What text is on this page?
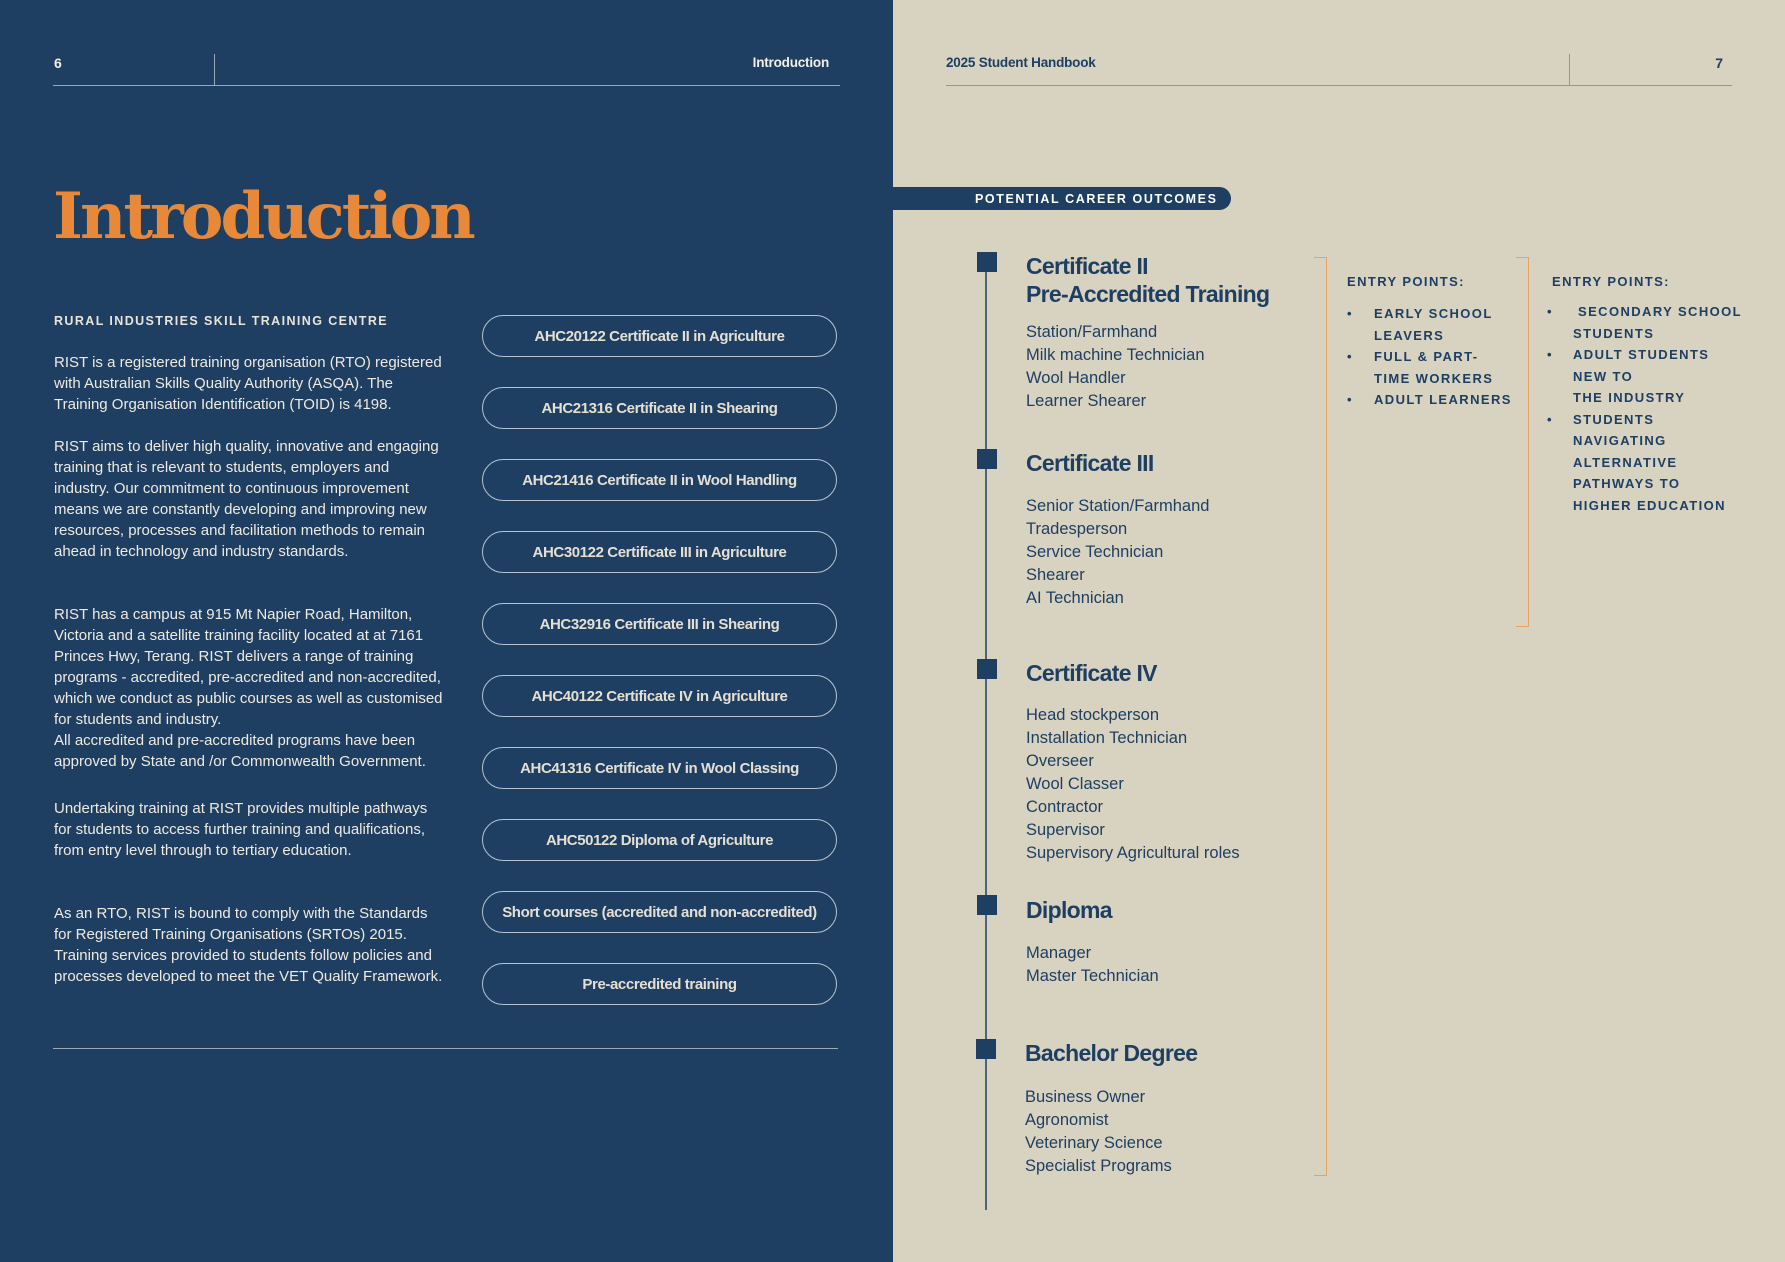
6	Introduction
Introduction
RURAL INDUSTRIES SKILL TRAINING CENTRE

RIST is a registered training organisation (RTO) registered with Australian Skills Quality Authority (ASQA). The Training Organisation Identification (TOID) is 4198.

RIST aims to deliver high quality, innovative and engaging training that is relevant to students, employers and industry. Our commitment to continuous improvement means we are constantly developing and improving new resources, processes and facilitation methods to remain ahead in technology and industry standards.

RIST has a campus at 915 Mt Napier Road, Hamilton, Victoria and a satellite training facility located at at 7161 Princes Hwy, Terang. RIST delivers a range of training programs - accredited, pre-accredited and non-accredited, which we conduct as public courses as well as customised for students and industry.

All accredited and pre-accredited programs have been approved by State and /or Commonwealth Government.

Undertaking training at RIST provides multiple pathways for students to access further training and qualifications, from entry level through to tertiary education.

As an RTO, RIST is bound to comply with the Standards for Registered Training Organisations (SRTOs) 2015. Training services provided to students follow policies and processes developed to meet the VET Quality Framework.

AHC20122 Certificate II in Agriculture
AHC21316 Certificate II in Shearing
AHC21416 Certificate II in Wool Handling
AHC30122 Certificate III in Agriculture
AHC32916 Certificate III in Shearing
AHC40122 Certificate IV in Agriculture
AHC41316 Certificate IV in Wool Classing
AHC50122 Diploma of Agriculture
Short courses (accredited and non-accredited)
Pre-accredited training
2025 Student Handbook	7
POTENTIAL CAREER OUTCOMES
Certificate II
Pre-Accredited Training
Station/Farmhand
Milk machine Technician
Wool Handler
Learner Shearer
Certificate III
Senior Station/Farmhand
Tradesperson
Service Technician
Shearer
AI Technician
Certificate IV
Head stockperson
Installation Technician
Overseer
Wool Classer
Contractor
Supervisor
Supervisory Agricultural roles
Diploma
Manager
Master Technician
Bachelor Degree
Business Owner
Agronomist
Veterinary Science
Specialist Programs
ENTRY POINTS:
• EARLY SCHOOL
LEAVERS
• FULL & PART-
TIME WORKERS
• ADULT LEARNERS
ENTRY POINTS:
• SECONDARY SCHOOL
STUDENTS
• ADULT STUDENTS
NEW TO
THE INDUSTRY
• STUDENTS
NAVIGATING
ALTERNATIVE
PATHWAYS TO
HIGHER EDUCATION
